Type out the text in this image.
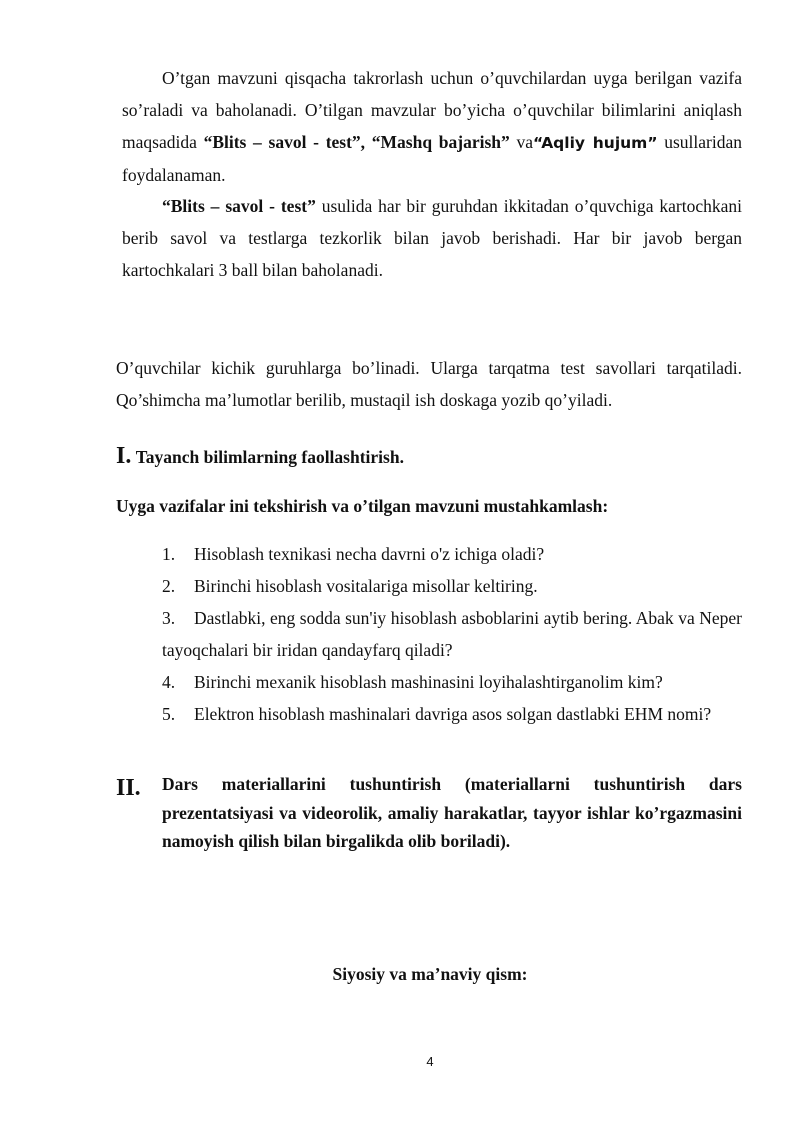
O’tgan mavzuni qisqacha takrorlash uchun o’quvchilardan uyga berilgan vazifa so’raladi va baholanadi. O’tilgan mavzular bo’yicha o’quvchilar bilimlarini aniqlash maqsadida “Blits – savol - test”, “Mashq bajarish” va“Aqliy hujum” usullaridan foydalanaman.

“Blits – savol - test” usulida har bir guruhdan ikkitadan o’quvchiga kartochkani berib savol va testlarga tezkorlik bilan javob berishadi. Har bir javob bergan kartochkalari 3 ball bilan baholanadi.

O’quvchilar kichik guruhlarga bo’linadi. Ularga tarqatma test savollari tarqatiladi. Qo’shimcha ma’lumotlar berilib, mustaqil ish doskaga yozib qo’yiladi.

I. Tayanch bilimlarning faollashtirish.
Uyga vazifalar ini tekshirish va o’tilgan mavzuni mustahkamlash:
1. Hisoblash texnikasi necha davrni o'z ichiga oladi?
2. Birinchi hisoblash vositalariga misollar keltiring.
3. Dastlabki, eng sodda sun'iy hisoblash asboblarini aytib bering. Abak va Neper tayoqchalari bir iridan qandayfarq qiladi?
4. Birinchi mexanik hisoblash mashinasini loyihalashtirganolim kim?
5. Elektron hisoblash mashinalari davriga asos solgan dastlabki EHM nomi?
II. Dars materiallarini tushuntirish (materiallarni tushuntirish dars prezentatsiyasi va videorolik, amaliy harakatlar, tayyor ishlar ko’rgazmasini namoyish qilish bilan birgalikda olib boriladi).
Siyosiy va ma’naviy qism:
4
